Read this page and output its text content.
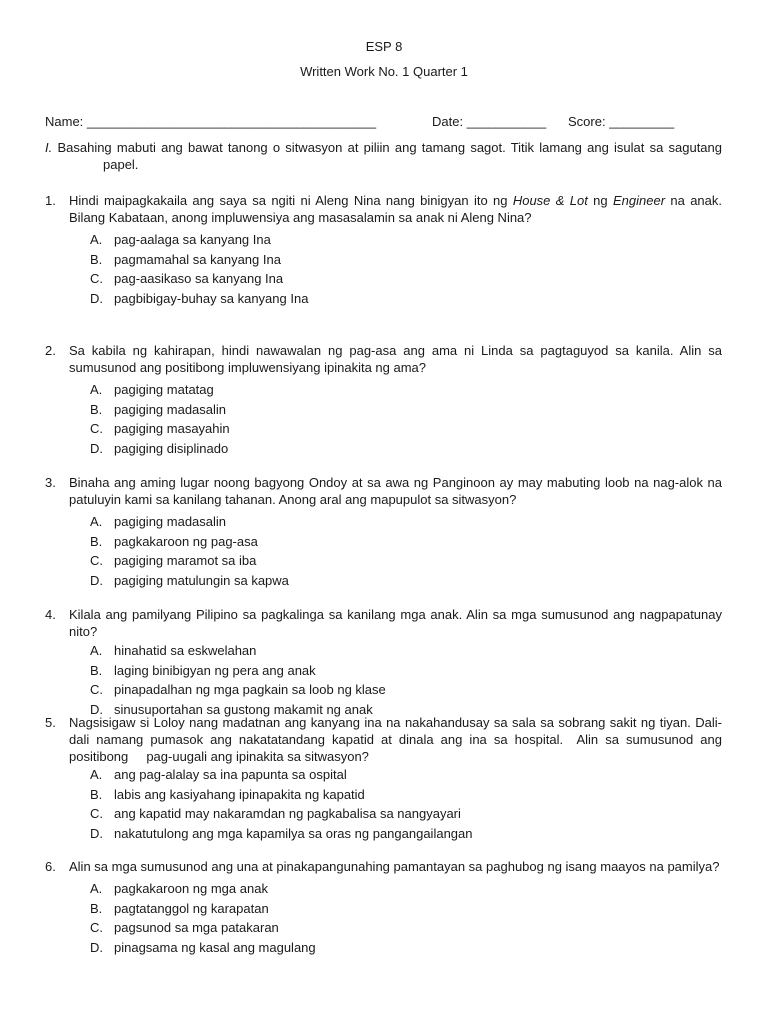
ESP 8
Written Work No. 1 Quarter 1
Name: ________________________________________	Date: ___________ Score: _________
I. Basahing mabuti ang bawat tanong o sitwasyon at piliin ang tamang sagot. Titik lamang ang isulat sa sagutang papel.
1. Hindi maipagkakaila ang saya sa ngiti ni Aleng Nina nang binigyan ito ng House & Lot ng Engineer na anak. Bilang Kabataan, anong impluwensiya ang masasalamin sa anak ni Aleng Nina?
A. pag-aalaga sa kanyang Ina
B. pagmamahal sa kanyang Ina
C. pag-aasikaso sa kanyang Ina
D. pagbibigay-buhay sa kanyang Ina
2. Sa kabila ng kahirapan, hindi nawawalan ng pag-asa ang ama ni Linda sa pagtaguyod sa kanila. Alin sa sumusunod ang positibong impluwensiyang ipinakita ng ama?
A. pagiging matatag
B. pagiging madasalin
C. pagiging masayahin
D. pagiging disiplinado
3. Binaha ang aming lugar noong bagyong Ondoy at sa awa ng Panginoon ay may mabuting loob na nag-alok na patuluyin kami sa kanilang tahanan. Anong aral ang mapupulot sa sitwasyon?
A. pagiging madasalin
B. pagkakaroon ng pag-asa
C. pagiging maramot sa iba
D. pagiging matulungin sa kapwa
4. Kilala ang pamilyang Pilipino sa pagkalinga sa kanilang mga anak. Alin sa mga sumusunod ang nagpapatunay nito?
A. hinahatid sa eskwelahan
B. laging binibigyan ng pera ang anak
C. pinapadalhan ng mga pagkain sa loob ng klase
D. sinusuportahan sa gustong makamit ng anak
5. Nagsisigaw si Loloy nang madatnan ang kanyang ina na nakahandusay sa sala sa sobrang sakit ng tiyan. Dali-dali namang pumasok ang nakatatandang kapatid at dinala ang ina sa hospital.  Alin sa sumusunod ang positibong     pag-uugali ang ipinakita sa sitwasyon?
A. ang pag-alalay sa ina papunta sa ospital
B. labis ang kasiyahang ipinapakita ng kapatid
C. ang kapatid may nakaramdan ng pagkabalisa sa nangyayari
D. nakatutulong ang mga kapamilya sa oras ng pangangailangan
6. Alin sa mga sumusunod ang una at pinakapangunahing pamantayan sa paghubog ng isang maayos na pamilya?
A. pagkakaroon ng mga anak
B. pagtatanggol ng karapatan
C. pagsunod sa mga patakaran
D. pinagsama ng kasal ang magulang
